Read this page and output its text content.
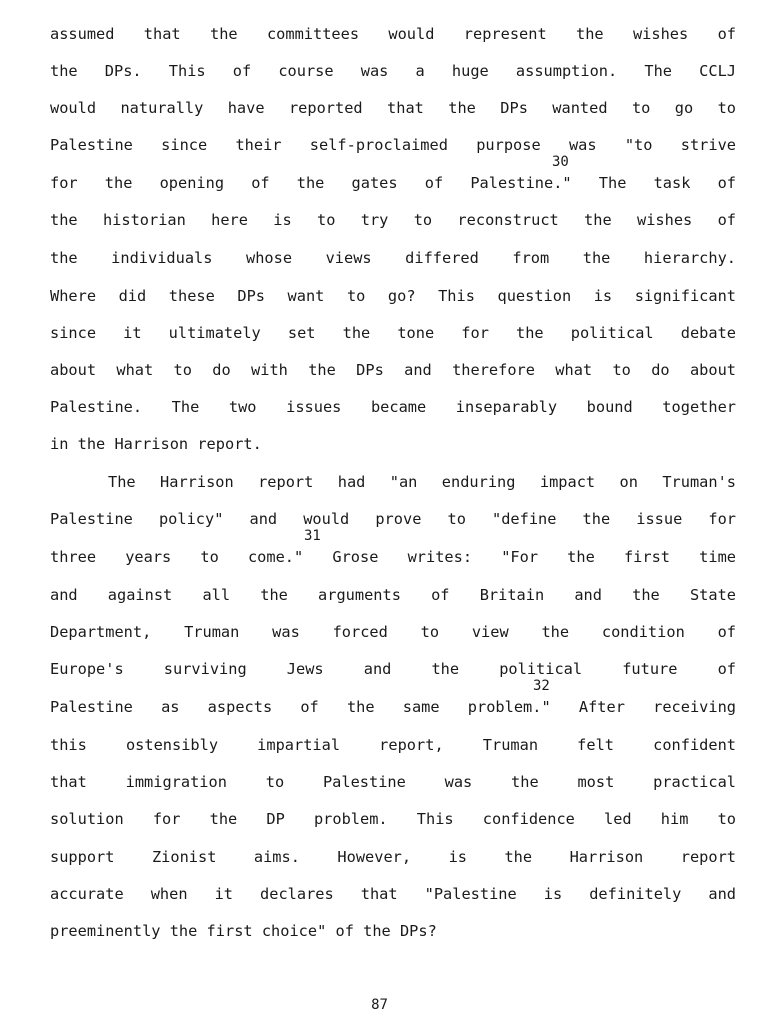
assumed that the committees would represent the wishes of
the DPs. This of course was a huge assumption. The CCLJ
would naturally have reported that the DPs wanted to go to
Palestine since their self-proclaimed purpose was "to strive
30
for the opening of the gates of Palestine." The task of
the historian here is to try to reconstruct the wishes of
the individuals whose views differed from the hierarchy.
Where did these DPs want to go? This question is significant
since it ultimately set the tone for the political debate
about what to do with the DPs and therefore what to do about
Palestine. The two issues became inseparably bound together
in the Harrison report.
The Harrison report had "an enduring impact on Truman's
Palestine policy" and would prove to "define the issue for
31
three years to come." Grose writes: "For the first time
and against all the arguments of Britain and the State
Department, Truman was forced to view the condition of
Europe's surviving Jews and the political future of
32
Palestine as aspects of the same problem." After receiving
this ostensibly impartial report, Truman felt confident
that immigration to Palestine was the most practical
solution for the DP problem. This confidence led him to
support Zionist aims. However, is the Harrison report
accurate when it declares that "Palestine is definitely and
preeminently the first choice" of the DPs?
87
